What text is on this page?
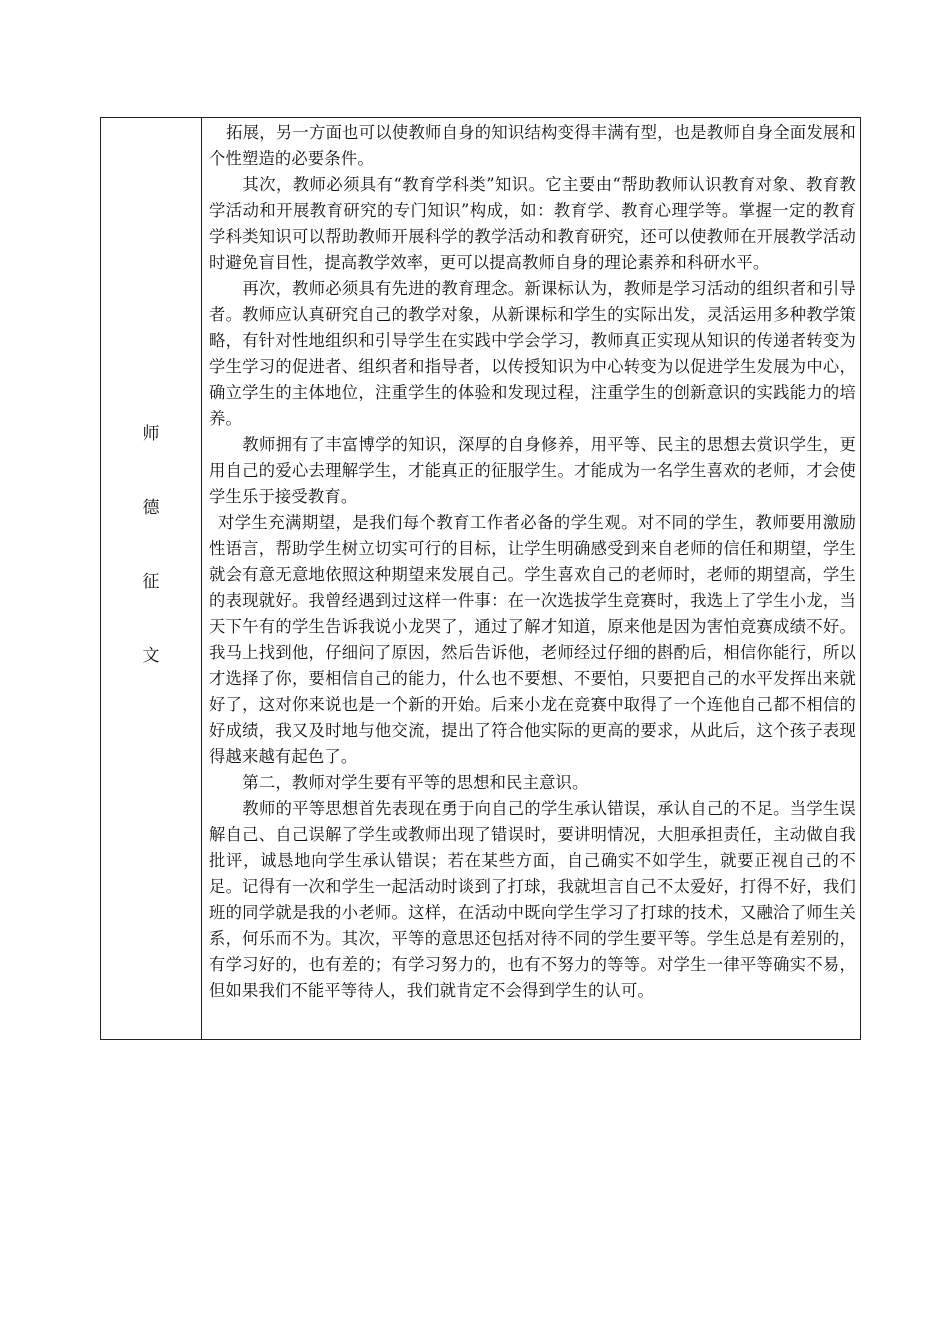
师
德
征
文

拓展，另一方面也可以使教师自身的知识结构变得丰满有型，也是教师自身全面发展和个性塑造的必要条件。

其次，教师必须具有“教育学科类”知识。它主要由“帮助教师认识教育对象、教育教学活动和开展教育研究的专门知识”构成，如：教育学、教育心理学等。掌握一定的教育学科类知识可以帮助教师开展科学的教学活动和教育研究，还可以使教师在开展教学活动时避免盲目性，提高教学效率，更可以提高教师自身的理论素养和科研水平。

再次，教师必须具有先进的教育理念。新课标认为，教师是学习活动的组织者和引导者。教师应认真研究自己的教学对象，从新课标和学生的实际出发，灵活运用多种教学策略，有针对性地组织和引导学生在实践中学会学习，教师真正实现从知识的传递者转变为学生学习的促进者、组织者和指导者，以传授知识为中心转变为以促进学生发展为中心，确立学生的主体地位，注重学生的体验和发现过程，注重学生的创新意识的实践能力的培养。

教师拥有了丰富博学的知识，深厚的自身修养，用平等、民主的思想去赏识学生，更用自己的爱心去理解学生，才能真正的征服学生。才能成为一名学生喜欢的老师，才会使学生乐于接受教育。

对学生充满期望，是我们每个教育工作者必备的学生观。对不同的学生，教师要用激励性语言，帮助学生树立切实可行的目标，让学生明确感受到来自老师的信任和期望，学生就会有意无意地依照这种期望来发展自己。学生喜欢自己的老师时，老师的期望高，学生的表现就好。我曾经遇到过这样一件事：在一次选拔学生竞赛时，我选上了学生小龙，当天下午有的学生告诉我说小龙哭了，通过了解才知道，原来他是因为害怕竞赛成绩不好。我马上找到他，仔细问了原因，然后告诉他，老师经过仔细的斟酌后，相信你能行，所以才选择了你，要相信自己的能力，什么也不要想、不要怕，只要把自己的水平发挥出来就好了，这对你来说也是一个新的开始。后来小龙在竞赛中取得了一个连他自己都不相信的好成绩，我又及时地与他交流，提出了符合他实际的更高的要求，从此后，这个孩子表现得越来越有起色了。

第二，教师对学生要有平等的思想和民主意识。

教师的平等思想首先表现在勇于向自己的学生承认错误，承认自己的不足。当学生误解自己、自己误解了学生或教师出现了错误时，要讲明情况，大胆承担责任，主动做自我批评，诚恳地向学生承认错误；若在某些方面，自己确实不如学生，就要正视自己的不足。记得有一次和学生一起活动时谈到了打球，我就坦言自己不太爱好，打得不好，我们班的同学就是我的小老师。这样，在活动中既向学生学习了打球的技术，又融洽了师生关系，何乐而不为。其次，平等的意思还包括对待不同的学生要平等。学生总是有差别的，有学习好的，也有差的；有学习努力的，也有不努力的等等。对学生一律平等确实不易，但如果我们不能平等待人，我们就肯定不会得到学生的认可。
